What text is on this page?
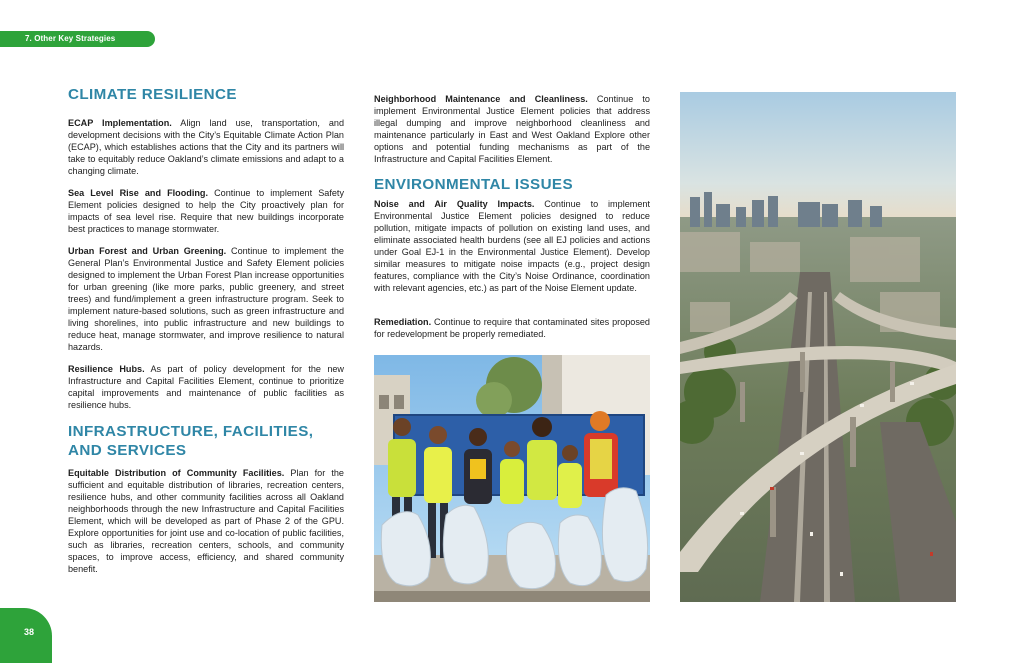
7. Other Key Strategies
CLIMATE RESILIENCE

ECAP Implementation. Align land use, transportation, and development decisions with the City’s Equitable Climate Action Plan (ECAP), which establishes actions that the City and its partners will take to equitably reduce Oakland’s climate emissions and adapt to a changing climate.

Sea Level Rise and Flooding. Continue to implement Safety Element policies designed to help the City proactively plan for impacts of sea level rise. Require that new buildings incorporate best practices to manage stormwater.

Urban Forest and Urban Greening. Continue to implement the General Plan’s Environmental Justice and Safety Element policies designed to implement the Urban Forest Plan increase opportunities for urban greening (like more parks, public greenery, and street trees) and fund/implement a green infrastructure program. Seek to implement nature-based solutions, such as green infrastructure and living shorelines, into public infrastructure and new buildings to reduce heat, manage stormwater, and improve resilience to natural hazards.

Resilience Hubs. As part of policy development for the new Infrastructure and Capital Facilities Element, continue to prioritize capital improvements and maintenance of public facilities as resilience hubs.

INFRASTRUCTURE, FACILITIES,
AND SERVICES

Equitable Distribution of Community Facilities. Plan for the sufficient and equitable distribution of libraries, recreation centers, resilience hubs, and other community facilities across all Oakland neighborhoods through the new Infrastructure and Capital Facilities Element, which will be developed as part of Phase 2 of the GPU. Explore opportunities for joint use and co-location of public facilities, such as libraries, recreation centers, schools, and community spaces, to improve access, efficiency, and shared community benefit.

Neighborhood Maintenance and Cleanliness. Continue to implement Environmental Justice Element policies that address illegal dumping and improve neighborhood cleanliness and maintenance particularly in East and West Oakland Explore other options and potential funding mechanisms as part of the Infrastructure and Capital Facilities Element.

ENVIRONMENTAL ISSUES

Noise and Air Quality Impacts. Continue to implement Environmental Justice Element policies designed to reduce pollution, mitigate impacts of pollution on existing land uses, and eliminate associated health burdens (see all EJ policies and actions under Goal EJ-1 in the Environmental Justice Element). Develop similar measures to mitigate noise impacts (e.g., project design features, compliance with the City’s Noise Ordinance, coordination with relevant agencies, etc.) as part of the Noise Element update.

Remediation. Continue to require that contaminated sites proposed for redevelopment be properly remediated.

38
